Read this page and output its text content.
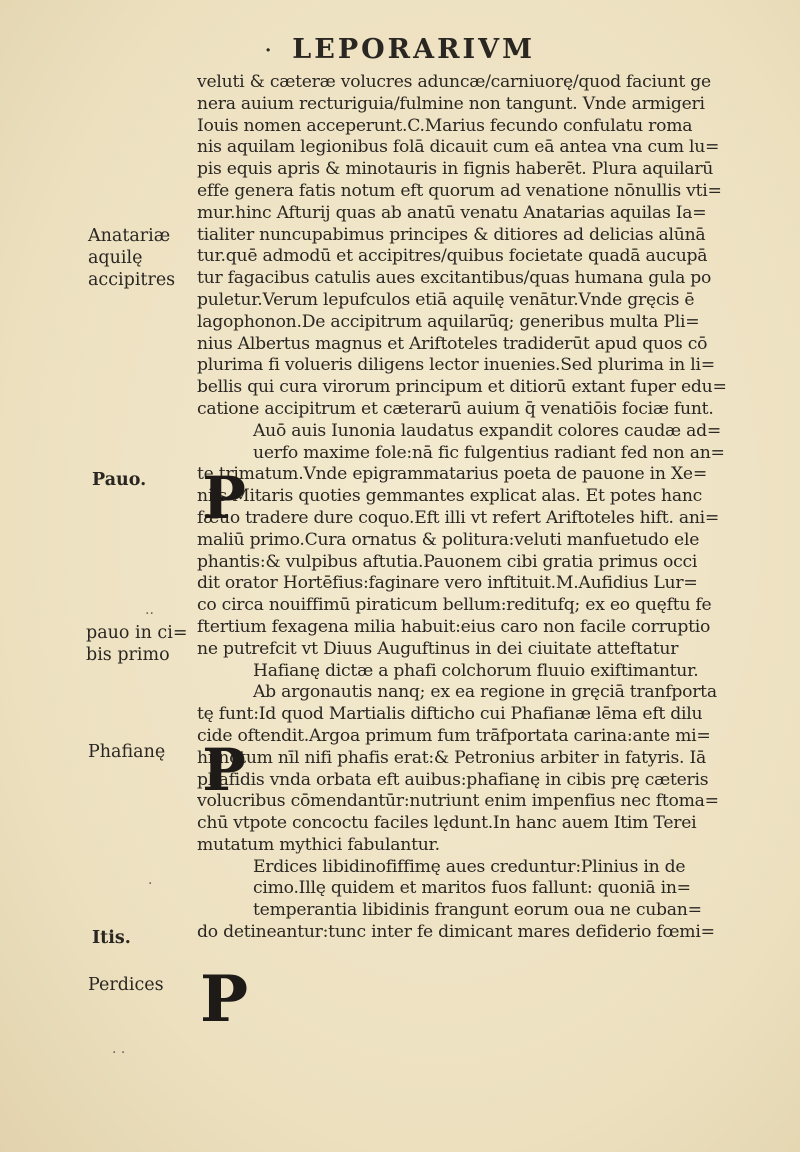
· LEPORARIVM
veluti & cæteræ volucres aduncæ/carniuorę/quod faciunt ge
nera auium recturiguia/fulmine non tangunt. Vnde armigeri
Iouis nomen acceperunt.C.Marius fecundo confulatu roma
nis aquilam legionibus folā dicauit cum eā antea vna cum lu=
pis equis apris & minotauris in fignis haberēt. Plura aquilarū
effe genera fatis notum eft quorum ad venatione nōnullis vti=
mur.hinc Afturij quas ab anatū venatu Anatarias aquilas Ia=
tialiter nuncupabimus principes & ditiores ad delicias alūnā
tur.quē admodū et accipitres/quibus focietate quadā aucupā
tur fagacibus catulis aues excitantibus/quas humana gula po
puletur.Verum lepufculos etiā aquilę venātur.Vnde gręcis ē
lagophonon.De accipitrum aquilarūq; generibus multa Pli=
nius Albertus magnus et Ariftoteles tradiderūt apud quos cō
plurima fi volueris diligens lector inuenies.Sed plurima in li=
bellis qui cura virorum principum et ditiorū extant fuper edu=
catione accipitrum et cæterarū auium q̄ venatiōis fociæ funt.
Auō auis Iunonia laudatus expandit colores caudæ ad=
uerfo maxime fole:nā fic fulgentius radiant fed non an=
te trimatum.Vnde epigrammatarius poeta de pauone in Xe=
niis Mitaris quoties gemmantes explicat alas. Et potes hanc
fæuo tradere dure coquo.Eft illi vt refert Ariftoteles hift. ani=
maliū primo.Cura ornatus & politura:veluti manfuetudo ele
phantis:& vulpibus aftutia.Pauonem cibi gratia primus occi
dit orator Hortēfius:faginare vero inftituit.M.Aufidius Lur=
co circa nouiffimū piraticum bellum:reditufq; ex eo quęftu fe
ftertium fexagena milia habuit:eius caro non facile corruptio
ne putrefcit vt Diuus Auguftinus in dei ciuitate atteftatur
Hafianę dictæ a phafi colchorum fluuio exiftimantur.
Ab argonautis nanq; ex ea regione in gręciā tranfporta
tę funt:Id quod Martialis difticho cui Phafianæ lēma eft dilu
cide oftendit.Argoa primum fum trāfportata carina:ante mi=
hi notum nīl nifi phafis erat:& Petronius arbiter in fatyris. Iā
phafidis vnda orbata eft auibus:phafianę in cibis prę cæteris
volucribus cōmendantūr:nutriunt enim impenfius nec ftoma=
chū vtpote concoctu faciles lędunt.In hanc auem Itim Terei
mutatum mythici fabulantur.
Erdices libidinofiffimę aues creduntur:Plinius in de
cimo.Illę quidem et maritos fuos fallunt: quoniā in=
temperantia libidinis frangunt eorum oua ne cuban=
do detineantur:tunc inter fe dimicant mares defiderio fœmi=
P
P
P
Anatariæ
aquilę
accipitres
Pauo.
pauo in ci=
bis primo
Phafianę
Itis.
Perdices
..
·
· ·
